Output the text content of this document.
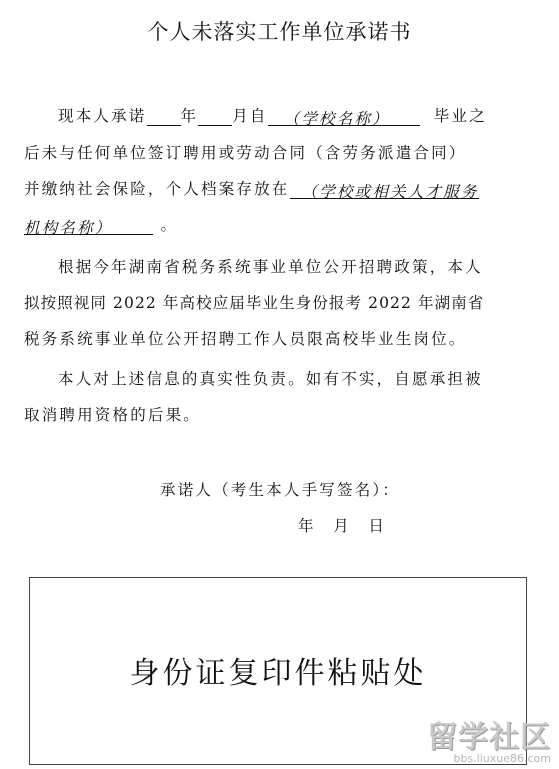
个人未落实工作单位承诺书
现本人承诺 年 月自 （学校名称）	毕业之
后未与任何单位签订聘用或劳动合同（含劳务派遣合同）
并缴纳社会保险，个人档案存放在 （学校或相关人才服务
机构名称）	。
根据今年湖南省税务系统事业单位公开招聘政策，本人
拟按照视同 2022 年高校应届毕业生身份报考 2022 年湖南省
税务系统事业单位公开招聘工作人员限高校毕业生岗位。
本人对上述信息的真实性负责。如有不实，自愿承担被
取消聘用资格的后果。
承诺人（考生本人手写签名）：
年    月    日
身份证复印件粘贴处
留学社区
bbs.liuxue86.com
